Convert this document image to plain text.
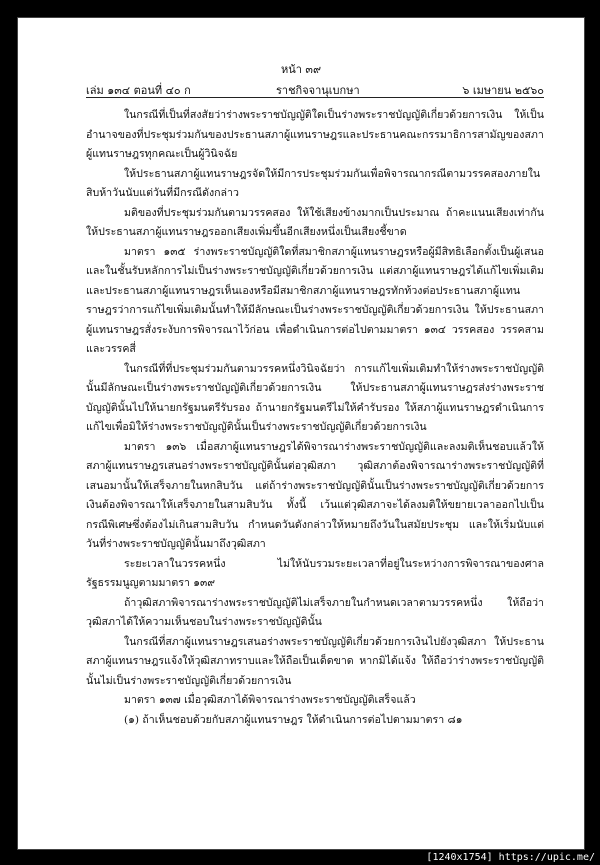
หน้า ๓๙
เล่ม ๑๓๔ ตอนที่ ๔๐ ก	ราชกิจจานุเบกษา	๖ เมษายน ๒๕๖๐

ในกรณีที่เป็นที่สงสัยว่าร่างพระราชบัญญัติใดเป็นร่างพระราชบัญญัติเกี่ยวด้วยการเงิน ให้เป็นอำนาจของที่ประชุมร่วมกันของประธานสภาผู้แทนราษฎรและประธานคณะกรรมาธิการสามัญของสภาผู้แทนราษฎรทุกคณะเป็นผู้วินิจฉัย

ให้ประธานสภาผู้แทนราษฎรจัดให้มีการประชุมร่วมกันเพื่อพิจารณากรณีตามวรรคสองภายในสิบห้าวันนับแต่วันที่มีกรณีดังกล่าว

มติของที่ประชุมร่วมกันตามวรรคสอง ให้ใช้เสียงข้างมากเป็นประมาณ ถ้าคะแนนเสียงเท่ากันให้ประธานสภาผู้แทนราษฎรออกเสียงเพิ่มขึ้นอีกเสียงหนึ่งเป็นเสียงชี้ขาด

มาตรา ๑๓๕ ร่างพระราชบัญญัติใดที่สมาชิกสภาผู้แทนราษฎรหรือผู้มีสิทธิเลือกตั้งเป็นผู้เสนอและในชั้นรับหลักการไม่เป็นร่างพระราชบัญญัติเกี่ยวด้วยการเงิน แต่สภาผู้แทนราษฎรได้แก้ไขเพิ่มเติมและประธานสภาผู้แทนราษฎรเห็นเองหรือมีสมาชิกสภาผู้แทนราษฎรทักท้วงต่อประธานสภาผู้แทนราษฎรว่าการแก้ไขเพิ่มเติมนั้นทำให้มีลักษณะเป็นร่างพระราชบัญญัติเกี่ยวด้วยการเงิน ให้ประธานสภาผู้แทนราษฎรสั่งระงับการพิจารณาไว้ก่อน เพื่อดำเนินการต่อไปตามมาตรา ๑๓๔ วรรคสอง วรรคสาม และวรรคสี่

ในกรณีที่ที่ประชุมร่วมกันตามวรรคหนึ่งวินิจฉัยว่า การแก้ไขเพิ่มเติมทำให้ร่างพระราชบัญญัตินั้นมีลักษณะเป็นร่างพระราชบัญญัติเกี่ยวด้วยการเงิน ให้ประธานสภาผู้แทนราษฎรส่งร่างพระราชบัญญัตินั้นไปให้นายกรัฐมนตรีรับรอง ถ้านายกรัฐมนตรีไม่ให้คำรับรอง ให้สภาผู้แทนราษฎรดำเนินการแก้ไขเพื่อมิให้ร่างพระราชบัญญัตินั้นเป็นร่างพระราชบัญญัติเกี่ยวด้วยการเงิน

มาตรา ๑๓๖ เมื่อสภาผู้แทนราษฎรได้พิจารณาร่างพระราชบัญญัติและลงมติเห็นชอบแล้วให้สภาผู้แทนราษฎรเสนอร่างพระราชบัญญัตินั้นต่อวุฒิสภา วุฒิสภาต้องพิจารณาร่างพระราชบัญญัติที่เสนอมานั้นให้เสร็จภายในหกสิบวัน แต่ถ้าร่างพระราชบัญญัตินั้นเป็นร่างพระราชบัญญัติเกี่ยวด้วยการเงินต้องพิจารณาให้เสร็จภายในสามสิบวัน ทั้งนี้ เว้นแต่วุฒิสภาจะได้ลงมติให้ขยายเวลาออกไปเป็นกรณีพิเศษซึ่งต้องไม่เกินสามสิบวัน กำหนดวันดังกล่าวให้หมายถึงวันในสมัยประชุม และให้เริ่มนับแต่วันที่ร่างพระราชบัญญัตินั้นมาถึงวุฒิสภา

ระยะเวลาในวรรคหนึ่ง ไม่ให้นับรวมระยะเวลาที่อยู่ในระหว่างการพิจารณาของศาลรัฐธรรมนูญตามมาตรา ๑๓๙

ถ้าวุฒิสภาพิจารณาร่างพระราชบัญญัติไม่เสร็จภายในกำหนดเวลาตามวรรคหนึ่ง ให้ถือว่าวุฒิสภาได้ให้ความเห็นชอบในร่างพระราชบัญญัตินั้น

ในกรณีที่สภาผู้แทนราษฎรเสนอร่างพระราชบัญญัติเกี่ยวด้วยการเงินไปยังวุฒิสภา ให้ประธานสภาผู้แทนราษฎรแจ้งให้วุฒิสภาทราบและให้ถือเป็นเด็ดขาด หากมิได้แจ้ง ให้ถือว่าร่างพระราชบัญญัตินั้นไม่เป็นร่างพระราชบัญญัติเกี่ยวด้วยการเงิน

มาตรา ๑๓๗ เมื่อวุฒิสภาได้พิจารณาร่างพระราชบัญญัติเสร็จแล้ว

(๑) ถ้าเห็นชอบด้วยกับสภาผู้แทนราษฎร ให้ดำเนินการต่อไปตามมาตรา ๘๑

[1240x1754] https://upic.me/
